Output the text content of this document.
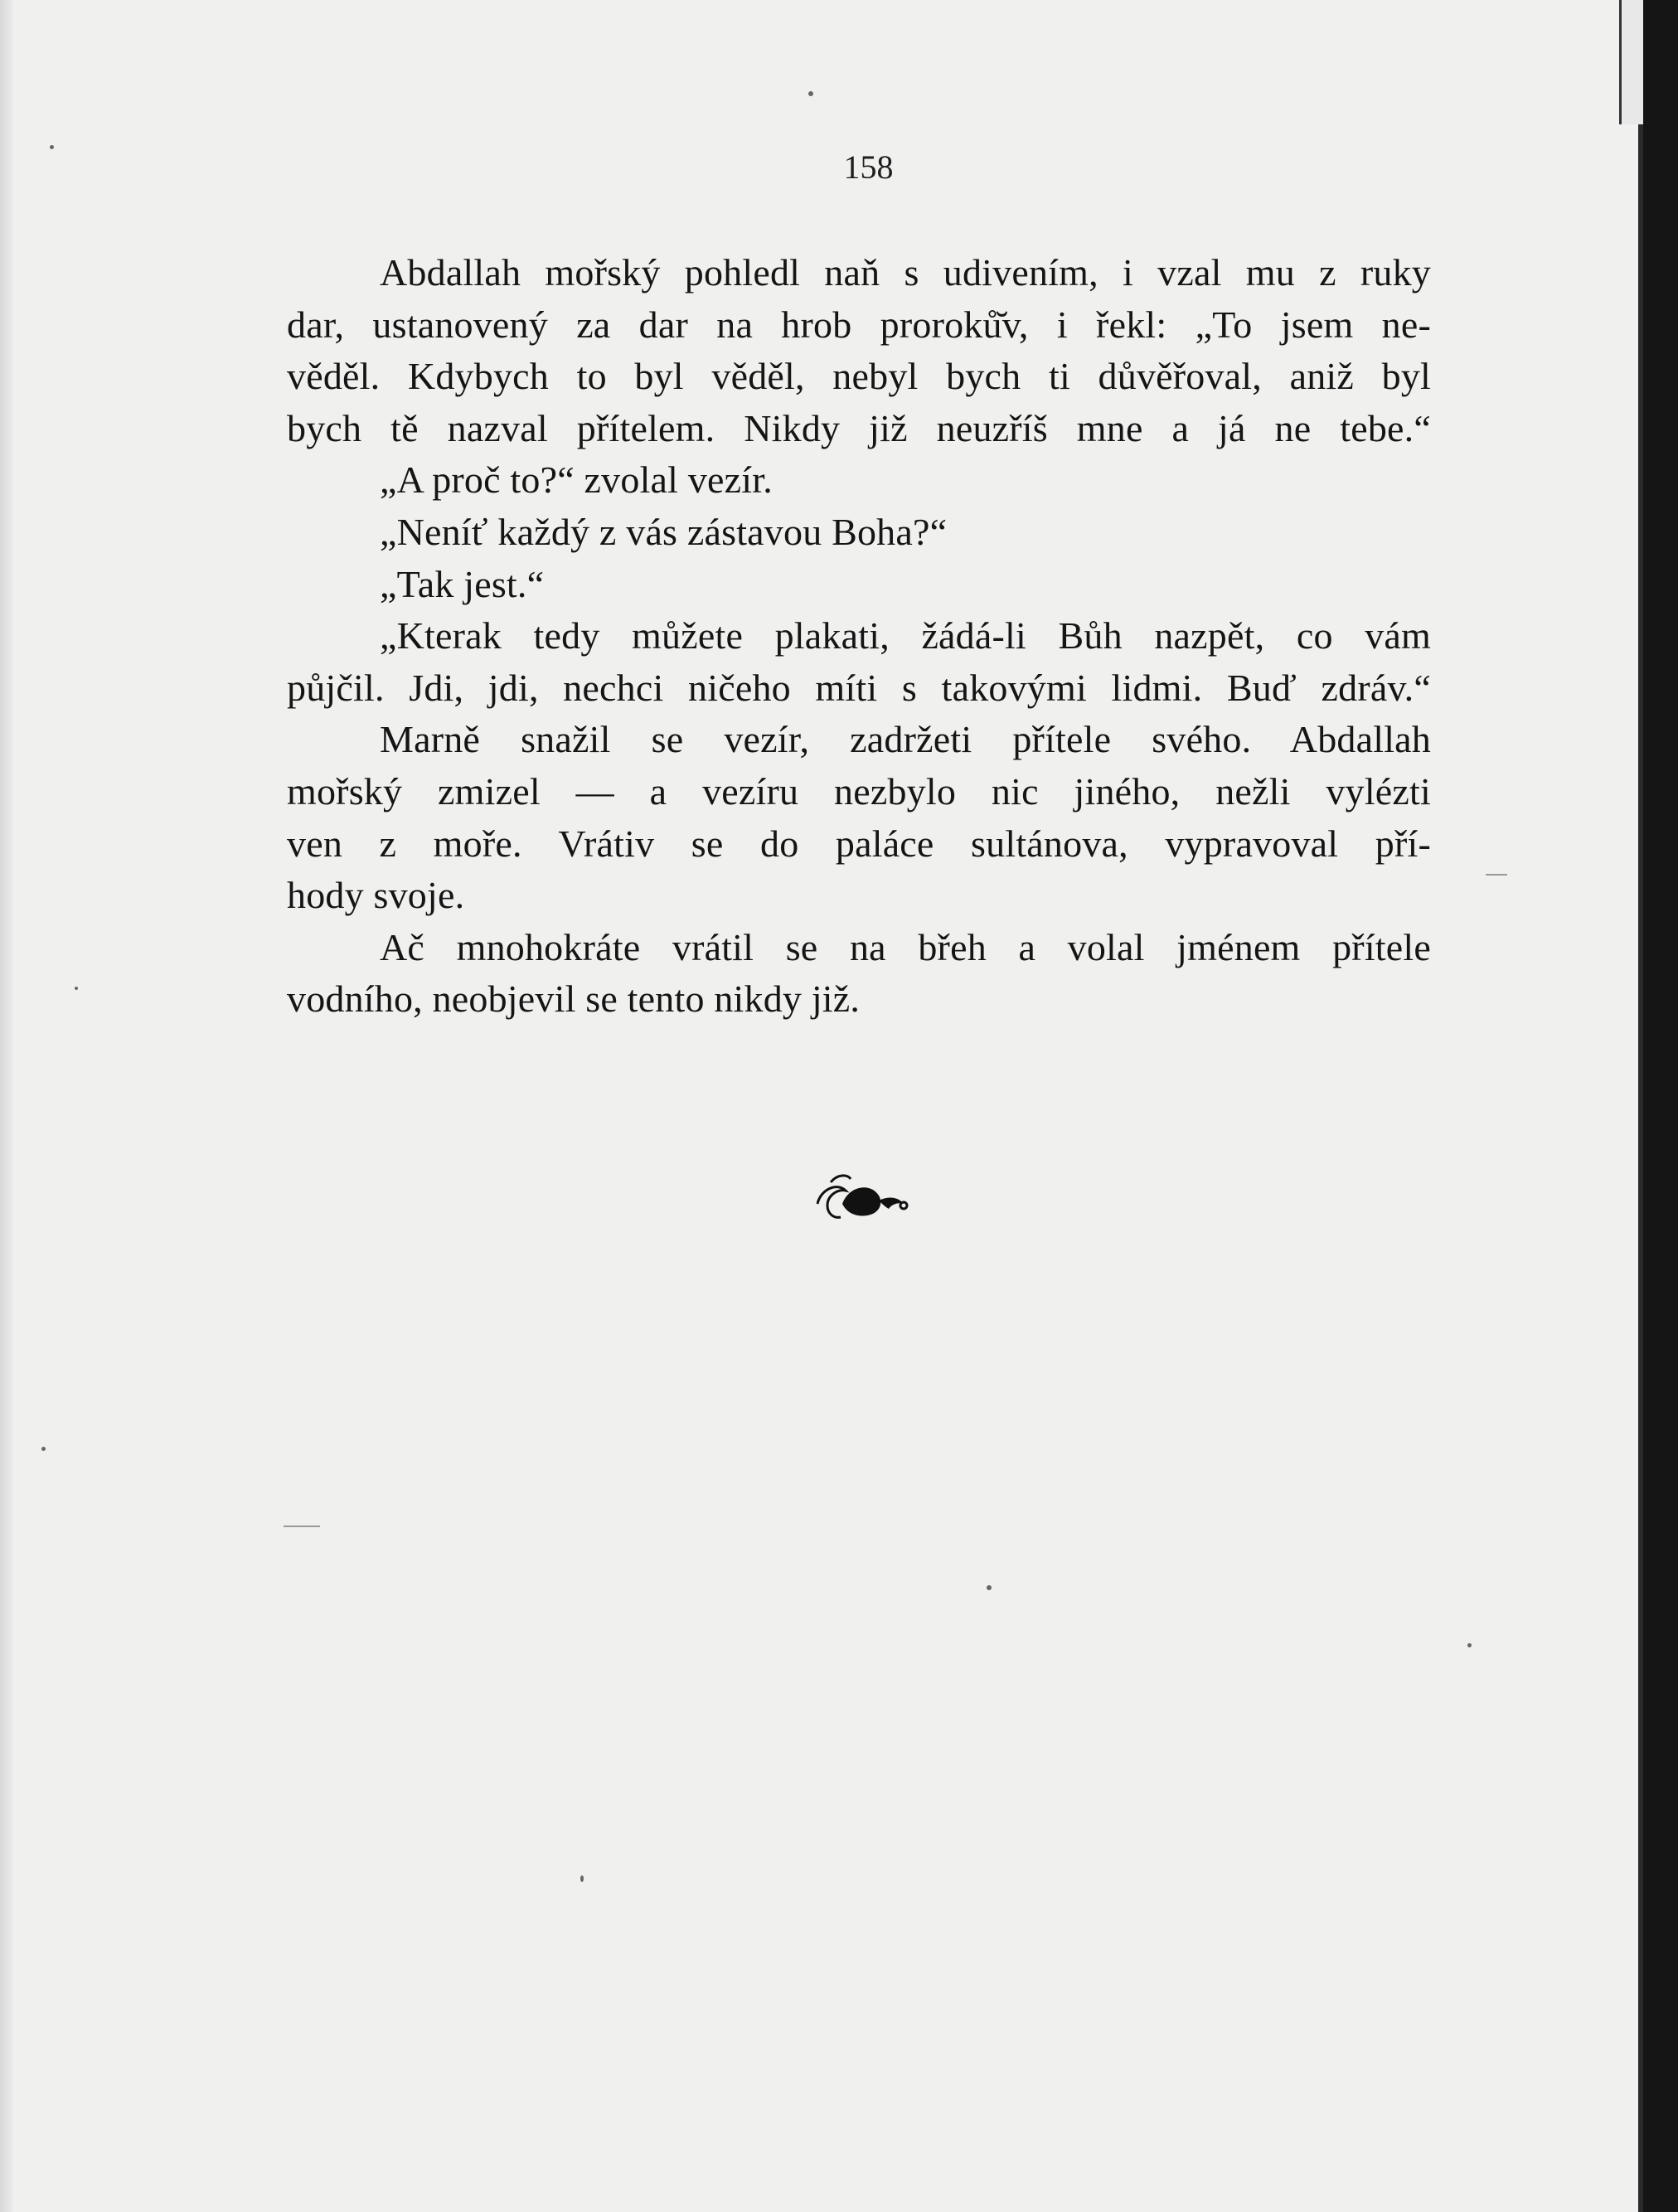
158

Abdallah mořský pohledl naň s udivením, i vzal mu z ruky

dar, ustanovený za dar na hrob proroků̆v, i řekl: „To jsem ne-

věděl. Kdybych to byl věděl, nebyl bych ti důvěřoval, aniž byl

bych tě nazval přítelem. Nikdy již neuzříš mne a já ne tebe.“

„A proč to?“ zvolal vezír.

„Neníť každý z vás zástavou Boha?“

„Tak jest.“

„Kterak tedy můžete plakati, žádá-li Bůh nazpět, co vám

půjčil. Jdi, jdi, nechci ničeho míti s takovými lidmi. Buď zdráv.“

Marně snažil se vezír, zadržeti přítele svého. Abdallah

mořský zmizel — a vezíru nezbylo nic jiného, nežli vylézti

ven z moře. Vrátiv se do paláce sultánova, vypravoval pří-

hody svoje.

Ač mnohokráte vrátil se na břeh a volal jménem přítele

vodního, neobjevil se tento nikdy již.
